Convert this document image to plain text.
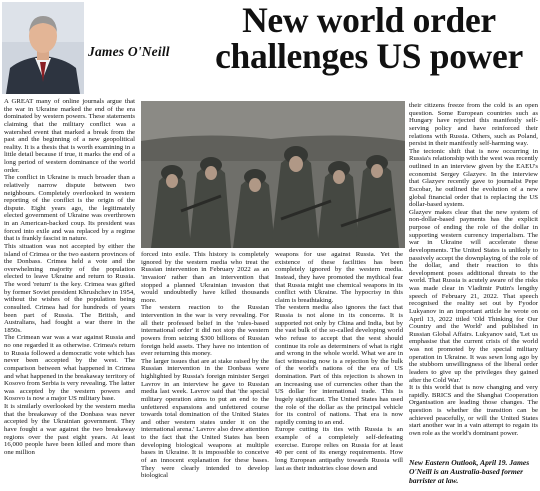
James O'Neill
New world order
challenges US power

A GREAT many of online journals argue that the war in Ukraine marked the end of the era dominated by western powers. These statements claiming that the military conflict was a watershed event that marked a break from the past and the beginning of a new geopolitical reality. It is a thesis that is worth examining in a little detail because if true, it marks the end of a long period of western dominance of the world order.

The conflict in Ukraine is much broader than a relatively narrow dispute between two neighbours. Completely overlooked in western reporting of the conflict is the origin of the dispute. Eight years ago, the legitimately elected government of Ukraine was overthrown in an American-backed coup. Its president was forced into exile and was replaced by a regime that is frankly fascist in nature.

This situation was not accepted by either the island of Crimea or the two eastern provinces of the Donbass. Crimea held a vote and the overwhelming majority of the population elected to leave Ukraine and return to Russia. The word 'return' is the key. Crimea was gifted by former Soviet president Khrushchev in 1954, without the wishes of the population being consulted. Crimea had for hundreds of years been part of Russia. The British, and Australians, had fought a war there in the 1850s.

The Crimean war was a war against Russia and no one regarded it as otherwise. Crimea's return to Russia followed a democratic vote which has never been accepted by the west. The comparison between what happened in Crimea and what happened in the breakaway territory of Kosovo from Serbia is very revealing. The latter was accepted by the western powers and Kosovo is now a major US military base.

It is similarly overlooked by the western media that the breakaway of the Donbass was never accepted by the Ukrainian government. They have fought a war against the two breakaway regions over the past eight years. At least 16,000 people have been killed and more than one million

forced into exile. This history is completely ignored by the western media who treat the Russian intervention in February 2022 as an 'invasion' rather than an intervention that stopped a planned Ukrainian invasion that would undoubtedly have killed thousands more.

The western reaction to the Russian intervention in the war is very revealing. For all their professed belief in the 'rules-based international order' it did not stop the western powers from seizing $300 billions of Russian foreign held assets. They have no intention of ever returning this money.

The larger issues that are at stake raised by the Russian intervention in the Donbass were highlighted by Russia's foreign minister Sergei Lavrov in an interview he gave to Russian media last week. Lavrov said that 'the special military operation aims to put an end to the unfettered expansions and unfettered course towards total domination of the United States and other western states under it on the international arena.' Lavrov also drew attention to the fact that the United States has been developing biological weapons at multiple bases in Ukraine. It is impossible to conceive of an innocent explanation for these bases. They were clearly intended to develop biological

weapons for use against Russia. Yet the existence of these facilities has been completely ignored by the western media. Instead, they have promoted the mythical fear that Russia might use chemical weapons in its conflict with Ukraine. The hypocrisy in this claim is breathtaking.

The western media also ignores the fact that Russia is not alone in its concerns. It is supported not only by China and India, but by the vast bulk of the so-called developing world who refuse to accept that the west should continue its role as determiners of what is right and wrong in the whole world. What we are in fact witnessing now is a rejection by the bulk of the world's nations of the era of US domination. Part of this rejection is shown in an increasing use of currencies other than the US dollar for international trade. This is hugely significant. The United States has used the role of the dollar as the principal vehicle for its control of nations. That era is now rapidly coming to an end.

Europe cutting its ties with Russia is an example of a completely self-defeating exercise. Europe relies on Russia for at least 40 per cent of its energy requirements. How long European antipathy towards Russia will last as their industries close down and

their citizens freeze from the cold is an open question. Some European countries such as Hungary have rejected this manifestly self-serving policy and have reinforced their relations with Russia. Others, such as Poland, persist in their manifestly self-harming way.

The tectonic shift that is now occurring in Russia's relationship with the west was recently outlined in an interview given by the EAEU's economist Sergey Glazyev. In the interview that Glazyev recently gave to journalist Pepe Escobar, he outlined the evolution of a new global financial order that is replacing the US dollar-based system.

Glazyev makes clear that the new system of non-dollar-based payments has the explicit purpose of ending the role of the dollar in supporting western currency imperialism. The war in Ukraine will accelerate these developments. The United States is unlikely to passively accept the downplaying of the role of the dollar, and their reaction to this development poses additional threats to the world. That Russia is acutely aware of the risks was made clear in Vladimir Putin's lengthy speech of February 21, 2022. That speech recognised the reality set out by Fyodor Lukyanov in an important article he wrote on April 13, 2022 titled 'Old Thinking for Our Country and the World' and published in Russian Global Affairs. Lukyanov said, 'Let us emphasise that the current crisis of the world was not promoted by the special military operation in Ukraine. It was sewn long ago by the stubborn unwillingness of the liberal order leaders to give up the privileges they gained after the Cold War.'

It is this world that is now changing and very rapidly. BRICS and the Shanghai Cooperation Organisation are leading those changes. The question is whether the transition can be achieved peacefully, or will the United States start another war in a vain attempt to regain its own role as the world's dominant power.

New Eastern Outlook, April 19. James O'Neill is an Australia-based former barrister at law.
